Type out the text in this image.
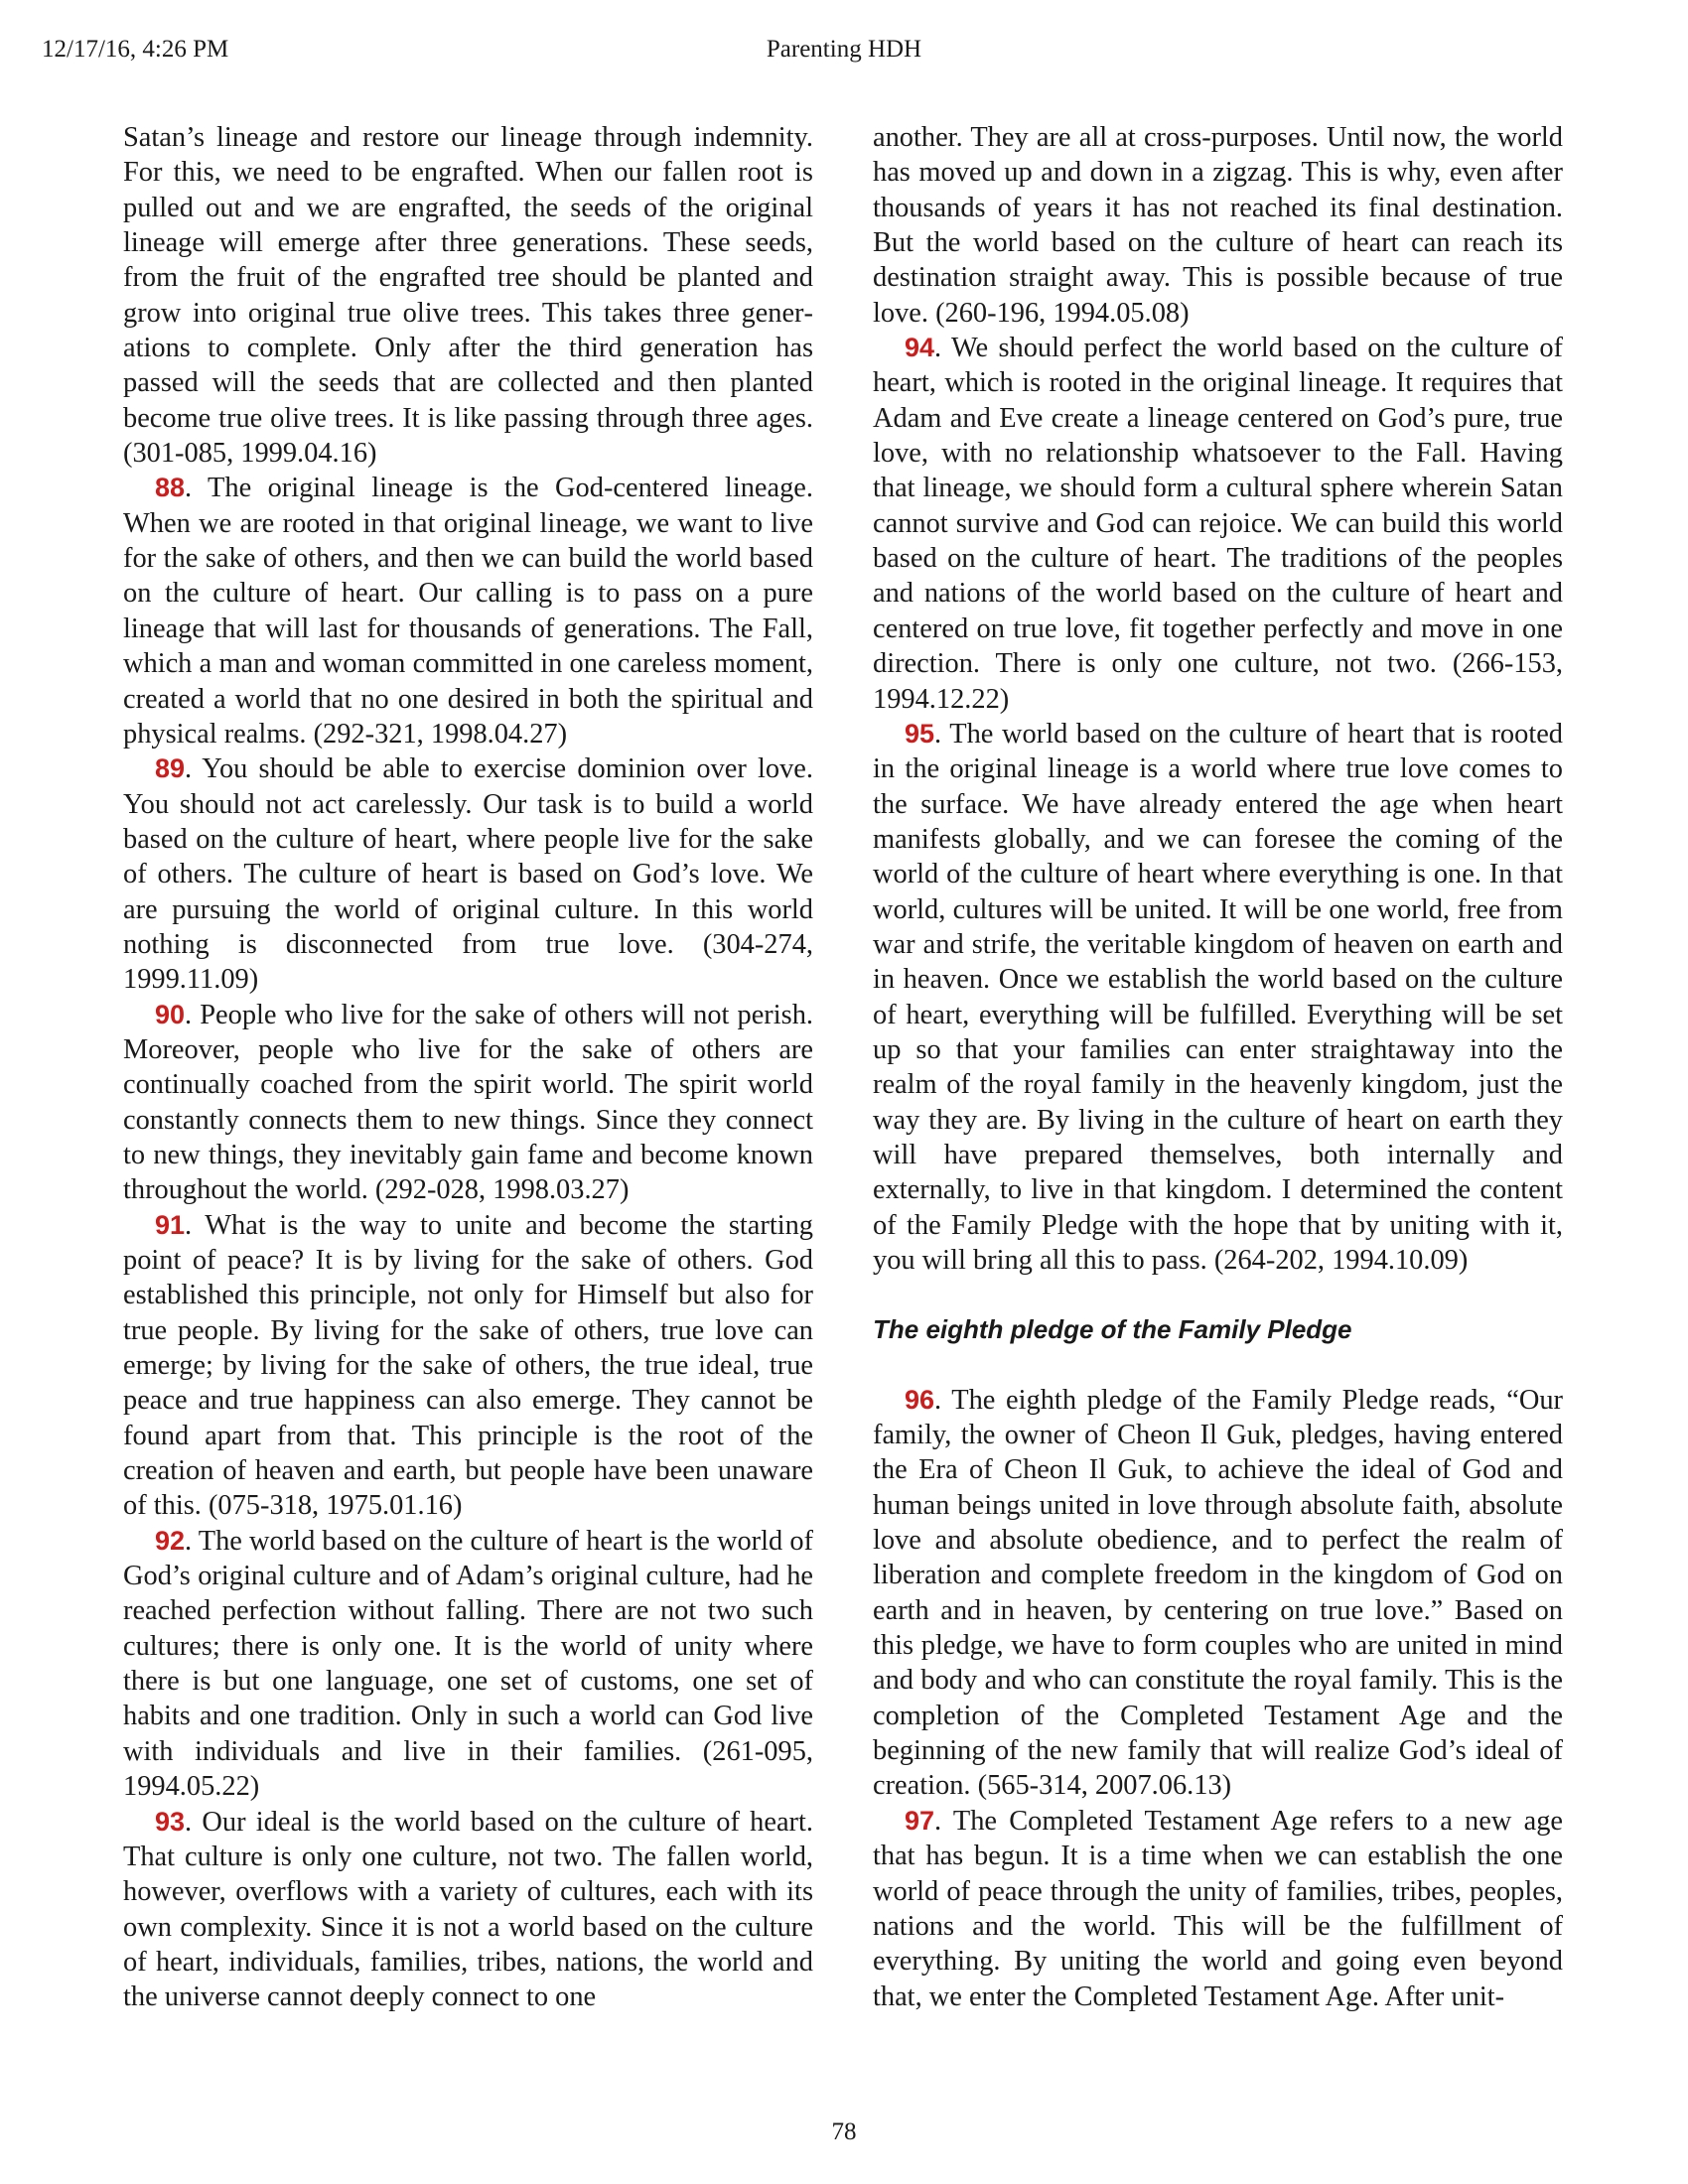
12/17/16, 4:26 PM	Parenting HDH

Satan’s lineage and restore our lineage through indemnity. For this, we need to be engrafted. When our fallen root is pulled out and we are engrafted, the seeds of the original lineage will emerge after three generations. These seeds, from the fruit of the engrafted tree should be planted and grow into original true olive trees. This takes three generations to complete. Only after the third generation has passed will the seeds that are collected and then planted become true olive trees. It is like passing through three ages. (301-085, 1999.04.16)

88. The original lineage is the God-centered lineage. When we are rooted in that original lineage, we want to live for the sake of others, and then we can build the world based on the culture of heart. Our calling is to pass on a pure lineage that will last for thousands of generations. The Fall, which a man and woman committed in one careless moment, created a world that no one desired in both the spiritual and physical realms. (292-321, 1998.04.27)

89. You should be able to exercise dominion over love. You should not act carelessly. Our task is to build a world based on the culture of heart, where people live for the sake of others. The culture of heart is based on God’s love. We are pursuing the world of original culture. In this world nothing is disconnected from true love. (304-274, 1999.11.09)

90. People who live for the sake of others will not perish. Moreover, people who live for the sake of others are continually coached from the spirit world. The spirit world constantly connects them to new things. Since they connect to new things, they inevitably gain fame and become known throughout the world. (292-028, 1998.03.27)

91. What is the way to unite and become the starting point of peace? It is by living for the sake of others. God established this principle, not only for Himself but also for true people. By living for the sake of others, true love can emerge; by living for the sake of others, the true ideal, true peace and true happiness can also emerge. They cannot be found apart from that. This principle is the root of the creation of heaven and earth, but people have been unaware of this. (075-318, 1975.01.16)

92. The world based on the culture of heart is the world of God’s original culture and of Adam’s original culture, had he reached perfection without falling. There are not two such cultures; there is only one. It is the world of unity where there is but one language, one set of customs, one set of habits and one tradition. Only in such a world can God live with individuals and live in their families. (261-095, 1994.05.22)

93. Our ideal is the world based on the culture of heart. That culture is only one culture, not two. The fallen world, however, overflows with a variety of cultures, each with its own complexity. Since it is not a world based on the culture of heart, individuals, families, tribes, nations, the world and the universe cannot deeply connect to one

another. They are all at cross-purposes. Until now, the world has moved up and down in a zigzag. This is why, even after thousands of years it has not reached its final destination. But the world based on the culture of heart can reach its destination straight away. This is possible because of true love. (260-196, 1994.05.08)

94. We should perfect the world based on the culture of heart, which is rooted in the original lineage. It requires that Adam and Eve create a lineage centered on God’s pure, true love, with no relationship whatsoever to the Fall. Having that lineage, we should form a cultural sphere wherein Satan cannot survive and God can rejoice. We can build this world based on the culture of heart. The traditions of the peoples and nations of the world based on the culture of heart and centered on true love, fit together perfectly and move in one direction. There is only one culture, not two. (266-153, 1994.12.22)

95. The world based on the culture of heart that is rooted in the original lineage is a world where true love comes to the surface. We have already entered the age when heart manifests globally, and we can foresee the coming of the world of the culture of heart where everything is one. In that world, cultures will be united. It will be one world, free from war and strife, the veritable kingdom of heaven on earth and in heaven. Once we establish the world based on the culture of heart, everything will be fulfilled. Everything will be set up so that your families can enter straightaway into the realm of the royal family in the heavenly kingdom, just the way they are. By living in the culture of heart on earth they will have prepared themselves, both internally and externally, to live in that kingdom. I determined the content of the Family Pledge with the hope that by uniting with it, you will bring all this to pass. (264-202, 1994.10.09)

The eighth pledge of the Family Pledge

96. The eighth pledge of the Family Pledge reads, “Our family, the owner of Cheon Il Guk, pledges, having entered the Era of Cheon Il Guk, to achieve the ideal of God and human beings united in love through absolute faith, absolute love and absolute obedience, and to perfect the realm of liberation and complete freedom in the kingdom of God on earth and in heaven, by centering on true love.” Based on this pledge, we have to form couples who are united in mind and body and who can constitute the royal family. This is the completion of the Completed Testament Age and the beginning of the new family that will realize God’s ideal of creation. (565-314, 2007.06.13)

97. The Completed Testament Age refers to a new age that has begun. It is a time when we can establish the one world of peace through the unity of families, tribes, peoples, nations and the world. This will be the fulfillment of everything. By uniting the world and going even beyond that, we enter the Completed Testament Age. After unit-

78
